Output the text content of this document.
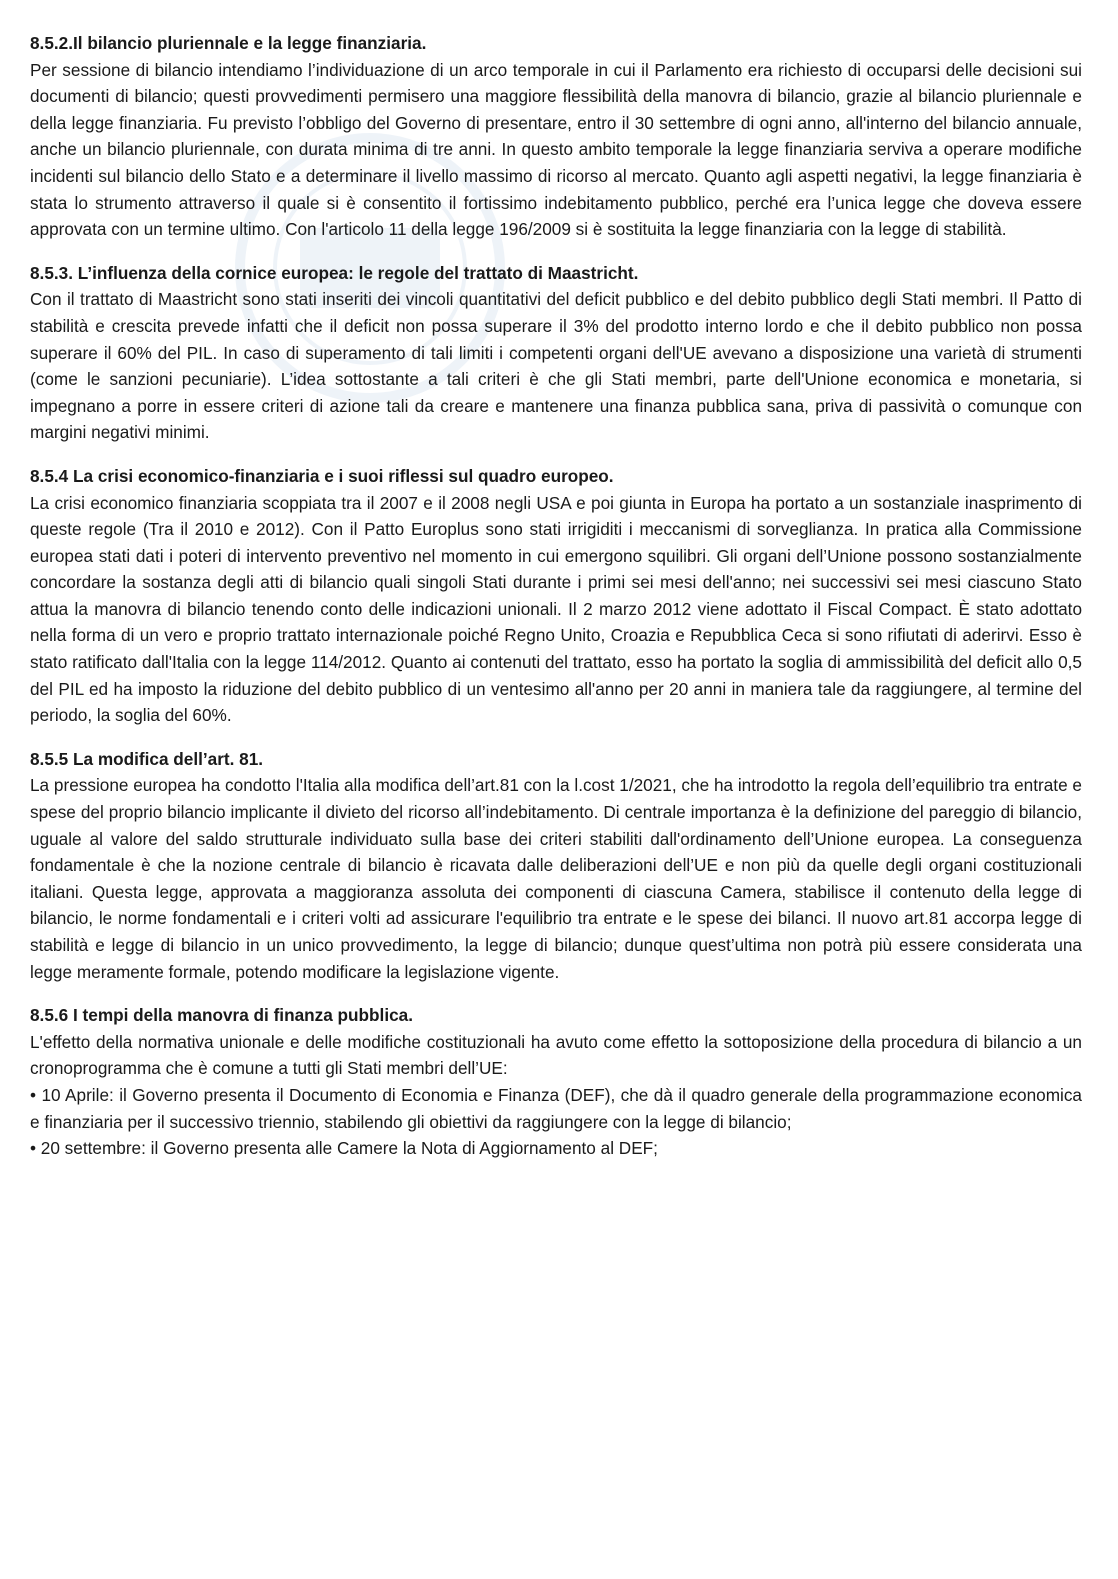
8.5.2.Il bilancio pluriennale e la legge finanziaria.

Per sessione di bilancio intendiamo l’individuazione di un arco temporale in cui il Parlamento era richiesto di occuparsi delle decisioni sui documenti di bilancio; questi provvedimenti permisero una maggiore flessibilità della manovra di bilancio, grazie al bilancio pluriennale e della legge finanziaria. Fu previsto l’obbligo del Governo di presentare, entro il 30 settembre di ogni anno, all'interno del bilancio annuale, anche un bilancio pluriennale, con durata minima di tre anni. In questo ambito temporale la legge finanziaria serviva a operare modifiche incidenti sul bilancio dello Stato e a determinare il livello massimo di ricorso al mercato. Quanto agli aspetti negativi, la legge finanziaria è stata lo strumento attraverso il quale si è consentito il fortissimo indebitamento pubblico, perché era l’unica legge che doveva essere approvata con un termine ultimo. Con l'articolo 11 della legge 196/2009 si è sostituita la legge finanziaria con la legge di stabilità.

8.5.3. L’influenza della cornice europea: le regole del trattato di Maastricht.

Con il trattato di Maastricht sono stati inseriti dei vincoli quantitativi del deficit pubblico e del debito pubblico degli Stati membri. Il Patto di stabilità e crescita prevede infatti che il deficit non possa superare il 3% del prodotto interno lordo e che il debito pubblico non possa superare il 60% del PIL. In caso di superamento di tali limiti i competenti organi dell'UE avevano a disposizione una varietà di strumenti (come le sanzioni pecuniarie). L’idea sottostante a tali criteri è che gli Stati membri, parte dell'Unione economica e monetaria, si impegnano a porre in essere criteri di azione tali da creare e mantenere una finanza pubblica sana, priva di passività o comunque con margini negativi minimi.

8.5.4 La crisi economico-finanziaria e i suoi riflessi sul quadro europeo.

La crisi economico finanziaria scoppiata tra il 2007 e il 2008 negli USA e poi giunta in Europa ha portato a un sostanziale inasprimento di queste regole (Tra il 2010 e 2012). Con il Patto Europlus sono stati irrigiditi i meccanismi di sorveglianza. In pratica alla Commissione europea stati dati i poteri di intervento preventivo nel momento in cui emergono squilibri. Gli organi dell’Unione possono sostanzialmente concordare la sostanza degli atti di bilancio quali singoli Stati durante i primi sei mesi dell'anno; nei successivi sei mesi ciascuno Stato attua la manovra di bilancio tenendo conto delle indicazioni unionali. Il 2 marzo 2012 viene adottato il Fiscal Compact. È stato adottato nella forma di un vero e proprio trattato internazionale poiché Regno Unito, Croazia e Repubblica Ceca si sono rifiutati di aderirvi. Esso è stato ratificato dall'Italia con la legge 114/2012. Quanto ai contenuti del trattato, esso ha portato la soglia di ammissibilità del deficit allo 0,5 del PIL ed ha imposto la riduzione del debito pubblico di un ventesimo all'anno per 20 anni in maniera tale da raggiungere, al termine del periodo, la soglia del 60%.

8.5.5 La modifica dell’art. 81.

La pressione europea ha condotto l'Italia alla modifica dell’art.81 con la l.cost 1/2021, che ha introdotto la regola dell’equilibrio tra entrate e spese del proprio bilancio implicante il divieto del ricorso all’indebitamento. Di centrale importanza è la definizione del pareggio di bilancio, uguale al valore del saldo strutturale individuato sulla base dei criteri stabiliti dall'ordinamento dell’Unione europea. La conseguenza fondamentale è che la nozione centrale di bilancio è ricavata dalle deliberazioni dell’UE e non più da quelle degli organi costituzionali italiani. Questa legge, approvata a maggioranza assoluta dei componenti di ciascuna Camera, stabilisce il contenuto della legge di bilancio, le norme fondamentali e i criteri volti ad assicurare l'equilibrio tra entrate e le spese dei bilanci. Il nuovo art.81 accorpa legge di stabilità e legge di bilancio in un unico provvedimento, la legge di bilancio; dunque quest’ultima non potrà più essere considerata una legge meramente formale, potendo modificare la legislazione vigente.

8.5.6 I tempi della manovra di finanza pubblica.

L'effetto della normativa unionale e delle modifiche costituzionali ha avuto come effetto la sottoposizione della procedura di bilancio a un cronoprogramma che è comune a tutti gli Stati membri dell’UE:

• 10 Aprile: il Governo presenta il Documento di Economia e Finanza (DEF), che dà il quadro generale della programmazione economica e finanziaria per il successivo triennio, stabilendo gli obiettivi da raggiungere con la legge di bilancio;

• 20 settembre: il Governo presenta alle Camere la Nota di Aggiornamento al DEF;
